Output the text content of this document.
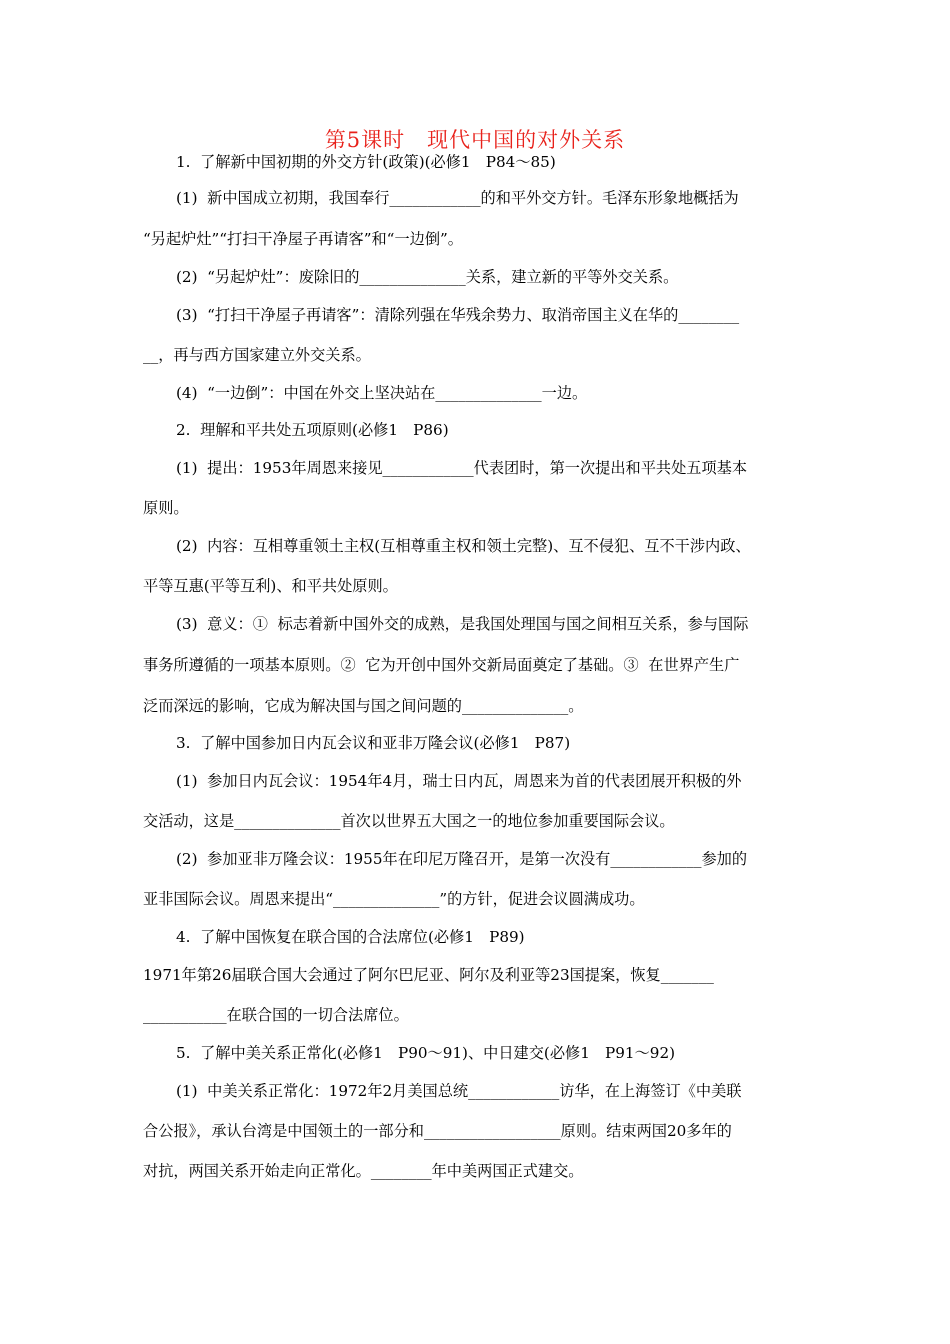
第5课时　现代中国的对外关系
1.  了解新中国初期的外交方针(政策)(必修1　P84～85)
(1)  新中国成立初期，我国奉行____________的和平外交方针。毛泽东形象地概括为
“另起炉灶”“打扫干净屋子再请客”和“一边倒”。
(2)  “另起炉灶”：废除旧的______________关系，建立新的平等外交关系。
(3)  “打扫干净屋子再请客”：清除列强在华残余势力、取消帝国主义在华的________
__，再与西方国家建立外交关系。
(4)  “一边倒”：中国在外交上坚决站在______________一边。
2.  理解和平共处五项原则(必修1　P86)
(1)  提出：1953年周恩来接见____________代表团时，第一次提出和平共处五项基本
原则。
(2)  内容：互相尊重领土主权(互相尊重主权和领土完整)、互不侵犯、互不干涉内政、
平等互惠(平等互利)、和平共处原则。
(3)  意义：①  标志着新中国外交的成熟，是我国处理国与国之间相互关系，参与国际
事务所遵循的一项基本原则。②  它为开创中国外交新局面奠定了基础。③  在世界产生广
泛而深远的影响，它成为解决国与国之间问题的______________。
3.  了解中国参加日内瓦会议和亚非万隆会议(必修1　P87)
(1)  参加日内瓦会议：1954年4月，瑞士日内瓦，周恩来为首的代表团展开积极的外
交活动，这是______________首次以世界五大国之一的地位参加重要国际会议。
(2)  参加亚非万隆会议：1955年在印尼万隆召开，是第一次没有____________参加的
亚非国际会议。周恩来提出“______________”的方针，促进会议圆满成功。
4.  了解中国恢复在联合国的合法席位(必修1　P89)
1971年第26届联合国大会通过了阿尔巴尼亚、阿尔及利亚等23国提案，恢复_______
___________在联合国的一切合法席位。
5.  了解中美关系正常化(必修1　P90～91)、中日建交(必修1　P91～92)
(1)  中美关系正常化：1972年2月美国总统____________访华，在上海签订《中美联
合公报》，承认台湾是中国领土的一部分和__________________原则。结束两国20多年的
对抗，两国关系开始走向正常化。________年中美两国正式建交。
